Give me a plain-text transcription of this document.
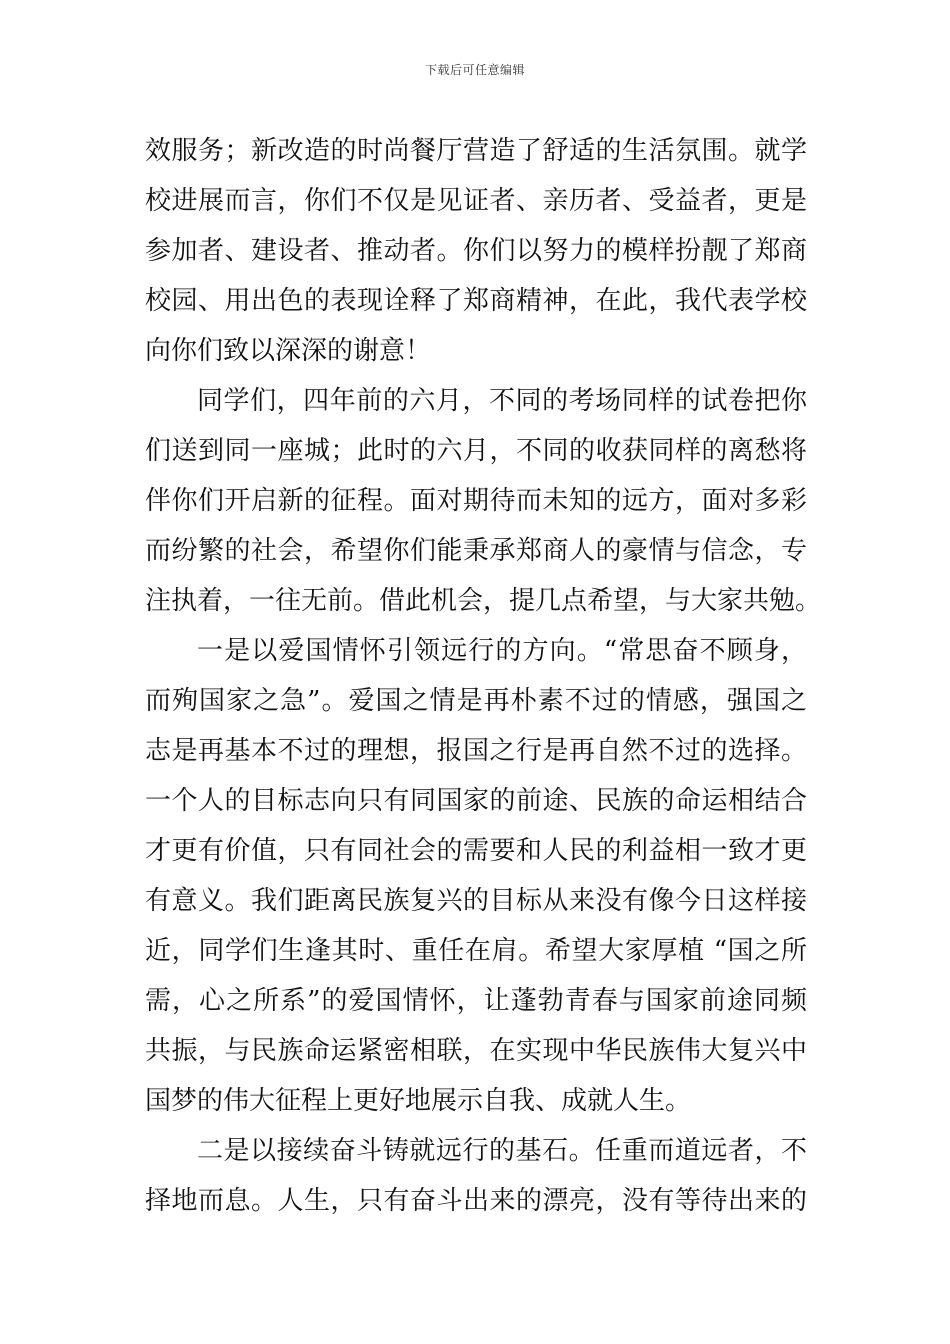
下载后可任意编辑
效服务；新改造的时尚餐厅营造了舒适的生活氛围。就学
校进展而言，你们不仅是见证者、亲历者、受益者，更是
参加者、建设者、推动者。你们以努力的模样扮靓了郑商
校园、用出色的表现诠释了郑商精神，在此，我代表学校
向你们致以深深的谢意！
同学们，四年前的六月，不同的考场同样的试卷把你
们送到同一座城；此时的六月，不同的收获同样的离愁将
伴你们开启新的征程。面对期待而未知的远方，面对多彩
而纷繁的社会，希望你们能秉承郑商人的豪情与信念，专
注执着，一往无前。借此机会，提几点希望，与大家共勉。
一是以爱国情怀引领远行的方向。“常思奋不顾身，
而殉国家之急”。爱国之情是再朴素不过的情感，强国之
志是再基本不过的理想，报国之行是再自然不过的选择。
一个人的目标志向只有同国家的前途、民族的命运相结合
才更有价值，只有同社会的需要和人民的利益相一致才更
有意义。我们距离民族复兴的目标从来没有像今日这样接
近，同学们生逢其时、重任在肩。希望大家厚植 “国之所
需，心之所系”的爱国情怀，让蓬勃青春与国家前途同频
共振，与民族命运紧密相联，在实现中华民族伟大复兴中
国梦的伟大征程上更好地展示自我、成就人生。
二是以接续奋斗铸就远行的基石。任重而道远者，不
择地而息。人生，只有奋斗出来的漂亮，没有等待出来的
